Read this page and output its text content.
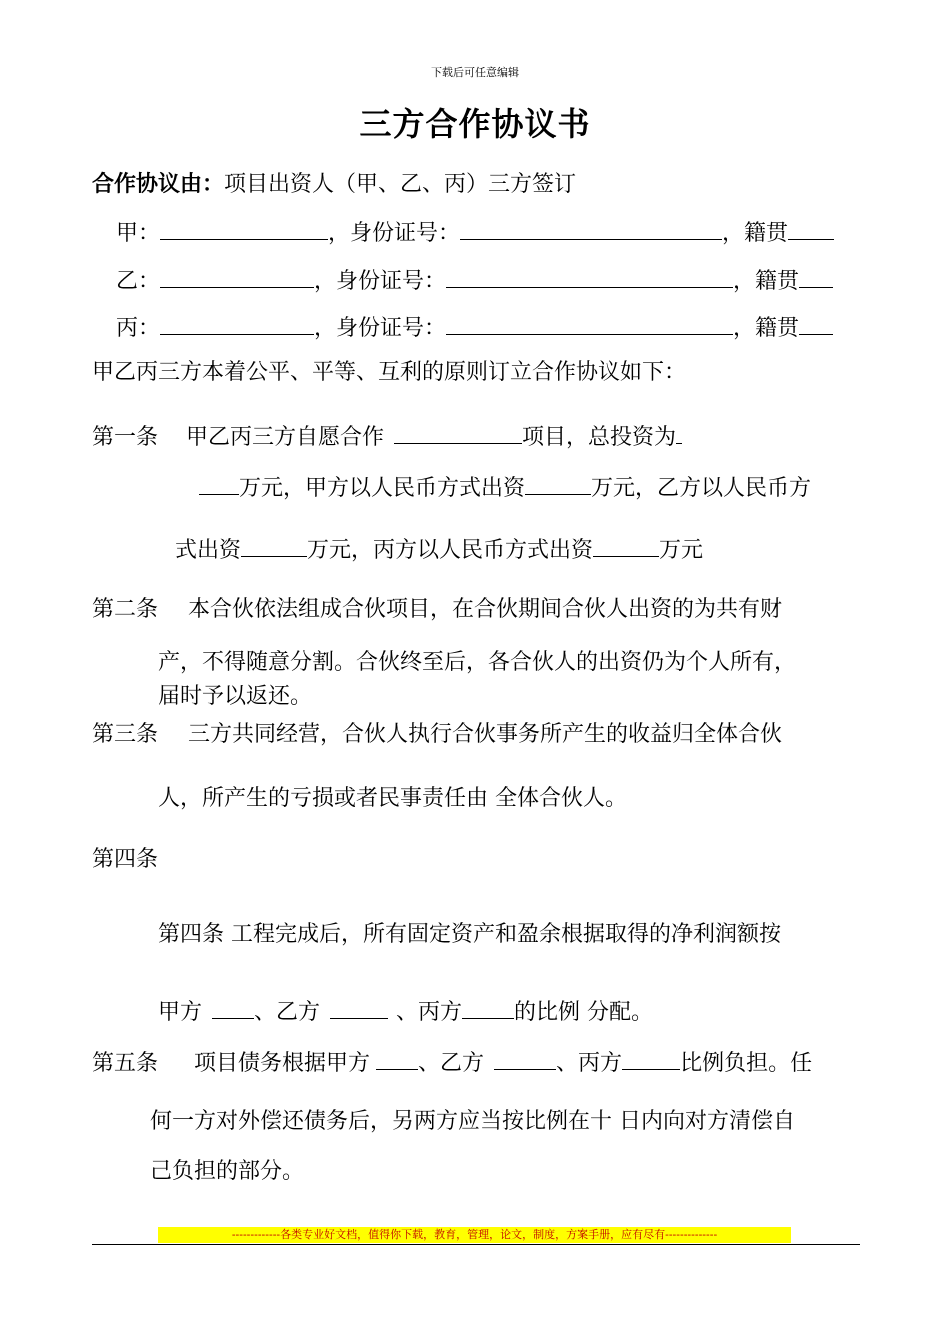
下载后可任意编辑
三方合作协议书
合作协议由：项目出资人（甲、乙、丙）三方签订
甲：	，身份证号：	，籍贯
乙：	，身份证号：	，籍贯
丙：	，身份证号：	，籍贯
甲乙丙三方本着公平、平等、互利的原则订立合作协议如下：
第一条 甲乙丙三方自愿合作	项目，总投资为
万元，甲方以人民币方式出资	万元，乙方以人民币方
式出资	万元，丙方以人民币方式出资	万元
第二条 本合伙依法组成合伙项目，在合伙期间合伙人出资的为共有财
产，不得随意分割。合伙终至后，各合伙人的出资仍为个人所有，
届时予以返还。
第三条 三方共同经营，合伙人执行合伙事务所产生的收益归全体合伙
人，所产生的亏损或者民事责任由 全体合伙人。
第四条
第四条 工程完成后，所有固定资产和盈余根据取得的净利润额按
甲方 、乙方	、丙方 的比例 分配。
第五条 项目债务根据甲方 、乙方	、丙方	比例负担。任
何一方对外偿还债务后，另两方应当按比例在十 日内向对方清偿自
己负担的部分。
-------------各类专业好文档，值得你下载，教育，管理，论文，制度，方案手册，应有尽有--------------
